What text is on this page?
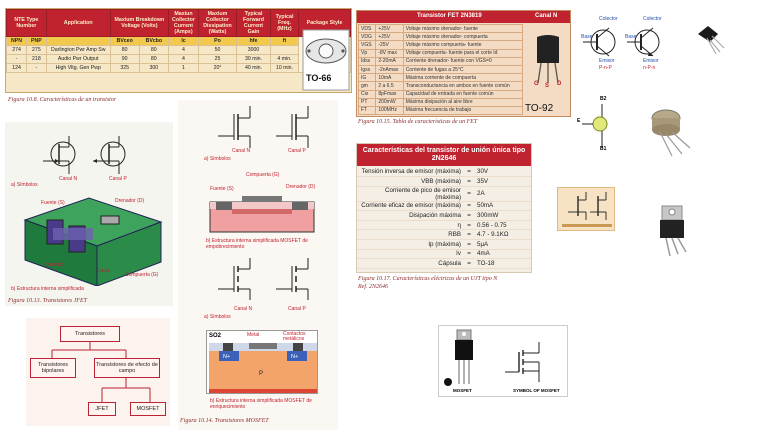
NTE Type Number		Application	Maxium Breakdown Voltage (Volts)		Maxiun Collector Current (Amps)	Maxium Collector Dissipation (Watts)	Typical Forward Current Gain	Typical Freq. (MHz)	Package Style
NPN	PNP		BVceo	BVcbo	Ic	Po	hfe	ft	
274	275	Darlington Pwr Amp Sw	80	80	4	50	3000		
-	218	Audio Pwr Output	90	80	4	25	30 min.	4 min.	
124	-	High Vltg. Gen Pwp	325	300	1	20°	40 min.	10 min.	
TO-66
Figura 10.8. Características de un transistor
Transistor FET 2N3819	Canal N
VDS	+25V	Voltaje máximo drenador- fuente
VDG	+25V	Voltaje máximo drenador- compuerta
VGS	-25V	Voltaje máximo compuerta- fuente
Vp	-8V max	Voltaje compuerta- fuente para el corte Id
Idss	2-20mA	Corriente drenador- fuente con VGS=0
Igss	-2nAmax	Corriente de fugas a 25°C
IG	10mA	Máxima corriente de compuerta
gm	2 a 6.5	Transconductancia en ambos en fuente común
Cis	8pFmax	Capacidad de entrada en fuente común
PT	200mW	Máxima disipación al aire libre
FT	100MHz	Máxima frecuencia de trabajo
G S D
TO-92
Figura 10.15. Tabla de características de un FET
Características del transistor de unión única tipo 2N2646
Tensión inversa de emisor (máxima)	=	30V
VBB (máxima)	=	35V
Corriente de pico de emisor (máxima)	=	2A
Corriente eficaz de emisor (máxima)	=	50mA
Disipación máxima	=	300mW
η	=	0.56 - 0.75
RBB	=	4.7 - 9.1KΩ
Ip (máxima)	=	5μA
Iv	=	4mA
Cápsula	=	TO-18
Figura 10.17. Características eléctricas de un UJT tipo N
Ref. 2N2646
Canal N	Canal P
a) Símbolos
Fuente (S)	Drenador (D)
Sustrato
Canal
Compuerta (G)
b) Estructura interna simplificada
Figura 10.13. Transistores JFET
Transistores
Transistores bipolares
Transistores de efecto de campo
JFET	MOSFET
Canal N	Canal P
a) Símbolos
Fuente (S)
Compuerta (G)
Drenador (D)
b) Estructura interna simplificada MOSFET de empobrecimiento
Canal N	Canal P
a) Símbolos
SO2	Metal	Contactos metálicos
N+	N+
P
b) Estructura interna simplificada MOSFET de enriquecimiento
Figura 10.14. Transistores MOSFET
Colector
Base
Emisor
P-n-P
Colector
Base
Emisor
n-P-n
B2
E
B1
MOSFET	SYMBOL OF MOSFET
